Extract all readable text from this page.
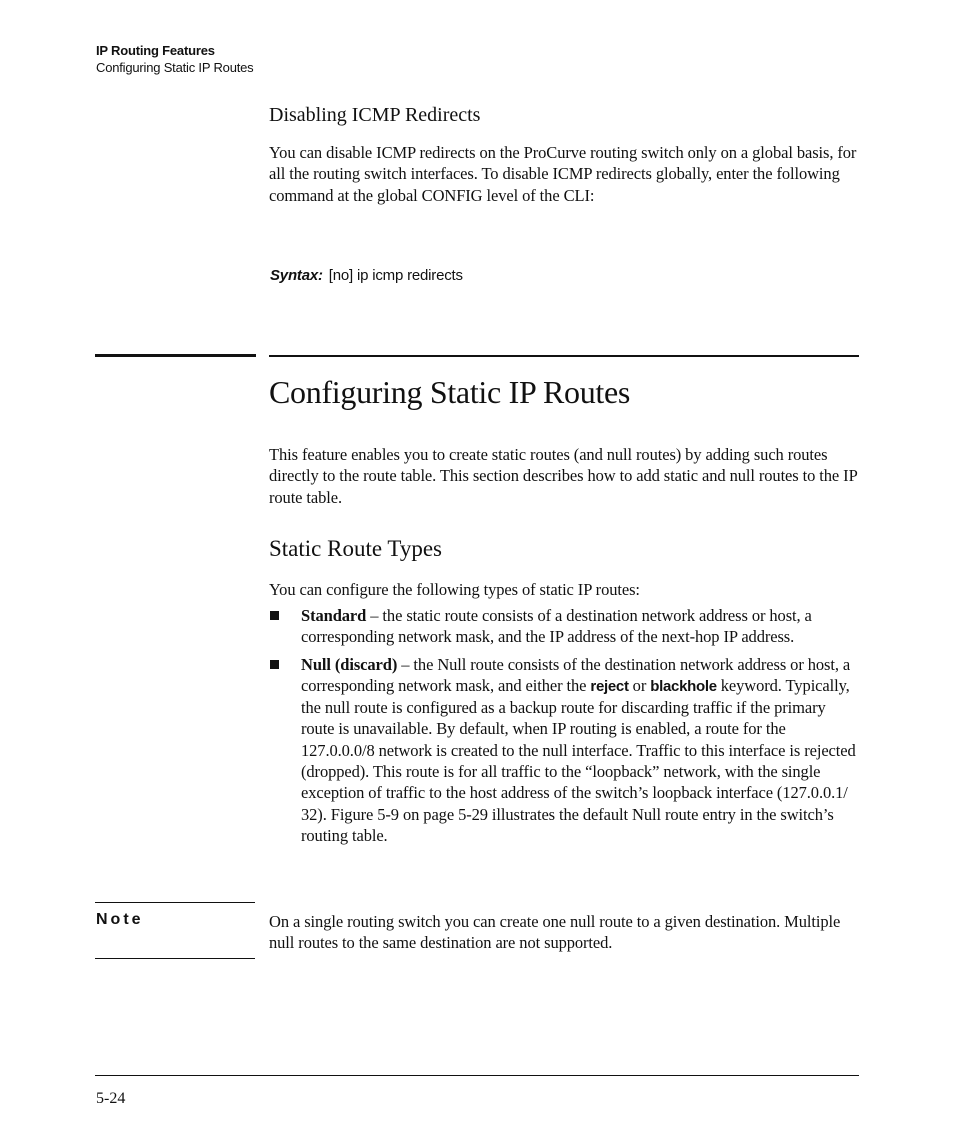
IP Routing Features
Configuring Static IP Routes
Disabling ICMP Redirects

You can disable ICMP redirects on the ProCurve routing switch only on a global basis, for all the routing switch interfaces. To disable ICMP redirects globally, enter the following command at the global CONFIG level of the CLI:

Syntax: [no] ip icmp redirects
Configuring Static IP Routes

This feature enables you to create static routes (and null routes) by adding such routes directly to the route table. This section describes how to add static and null routes to the IP route table.

Static Route Types

You can configure the following types of static IP routes:

Standard – the static route consists of a destination network address or host, a corresponding network mask, and the IP address of the next-hop IP address.
Null (discard) – the Null route consists of the destination network address or host, a corresponding network mask, and either the reject or blackhole keyword. Typically, the null route is configured as a backup route for discarding traffic if the primary route is unavailable. By default, when IP routing is enabled, a route for the 127.0.0.0/8 network is created to the null interface. Traffic to this interface is rejected (dropped). This route is for all traffic to the “loopback” network, with the single exception of traffic to the host address of the switch’s loopback interface (127.0.0.1/ 32). Figure 5-9 on page 5-29 illustrates the default Null route entry in the switch’s routing table.
Note	On a single routing switch you can create one null route to a given destination. Multiple null routes to the same destination are not supported.

5-24
